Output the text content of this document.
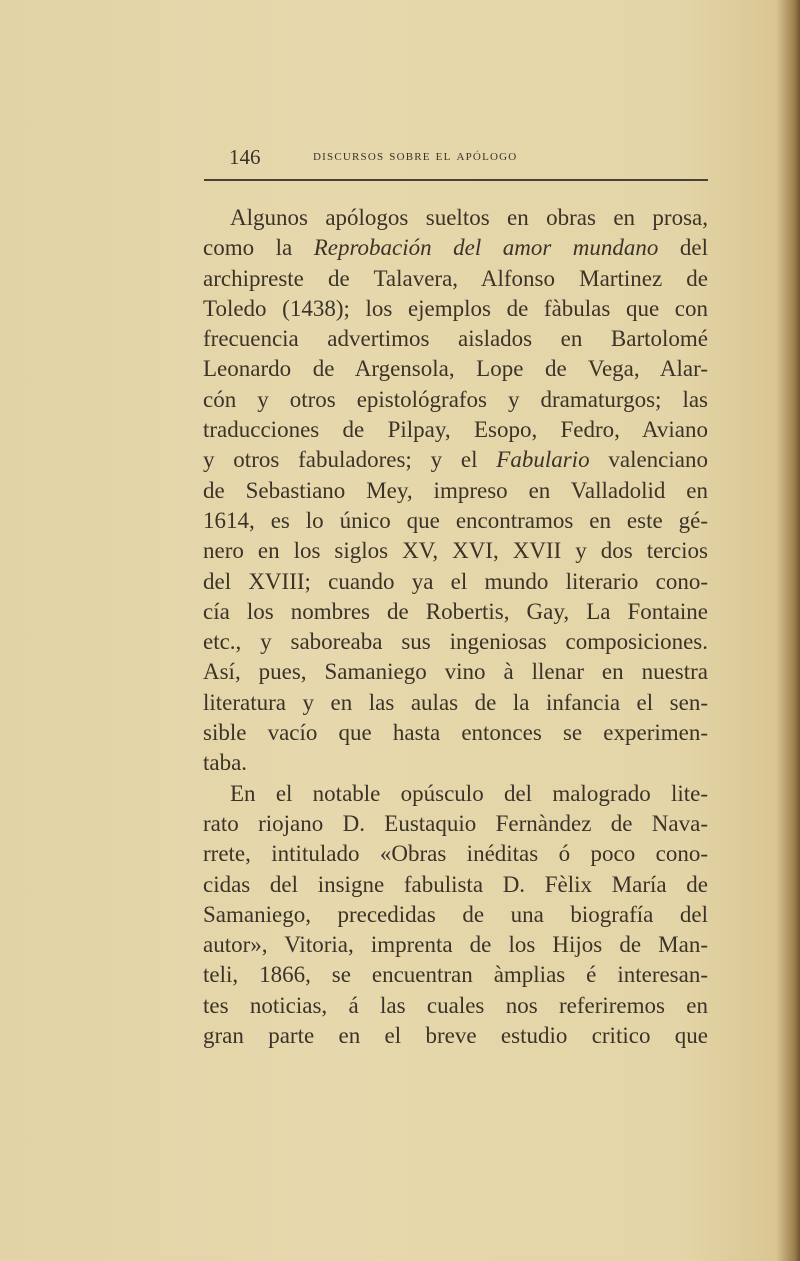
146	discursos sobre el apólogo
Algunos apólogos sueltos en obras en prosa,
como la Reprobación del amor mundano del
archipreste de Talavera, Alfonso Martinez de
Toledo (1438); los ejemplos de fàbulas que con
frecuencia advertimos aislados en Bartolomé
Leonardo de Argensola, Lope de Vega, Alar-
cón y otros epistológrafos y dramaturgos; las
traducciones de Pilpay, Esopo, Fedro, Aviano
y otros fabuladores; y el Fabulario valenciano
de Sebastiano Mey, impreso en Valladolid en
1614, es lo único que encontramos en este gé-
nero en los siglos XV, XVI, XVII y dos tercios
del XVIII; cuando ya el mundo literario cono-
cía los nombres de Robertis, Gay, La Fontaine
etc., y saboreaba sus ingeniosas composiciones.
Así, pues, Samaniego vino à llenar en nuestra
literatura y en las aulas de la infancia el sen-
sible vacío que hasta entonces se experimen-
taba.
En el notable opúsculo del malogrado lite-
rato riojano D. Eustaquio Fernàndez de Nava-
rrete, intitulado «Obras inéditas ó poco cono-
cidas del insigne fabulista D. Fèlix María de
Samaniego, precedidas de una biografía del
autor», Vitoria, imprenta de los Hijos de Man-
teli, 1866, se encuentran àmplias é interesan-
tes noticias, á las cuales nos referiremos en
gran parte en el breve estudio critico que
